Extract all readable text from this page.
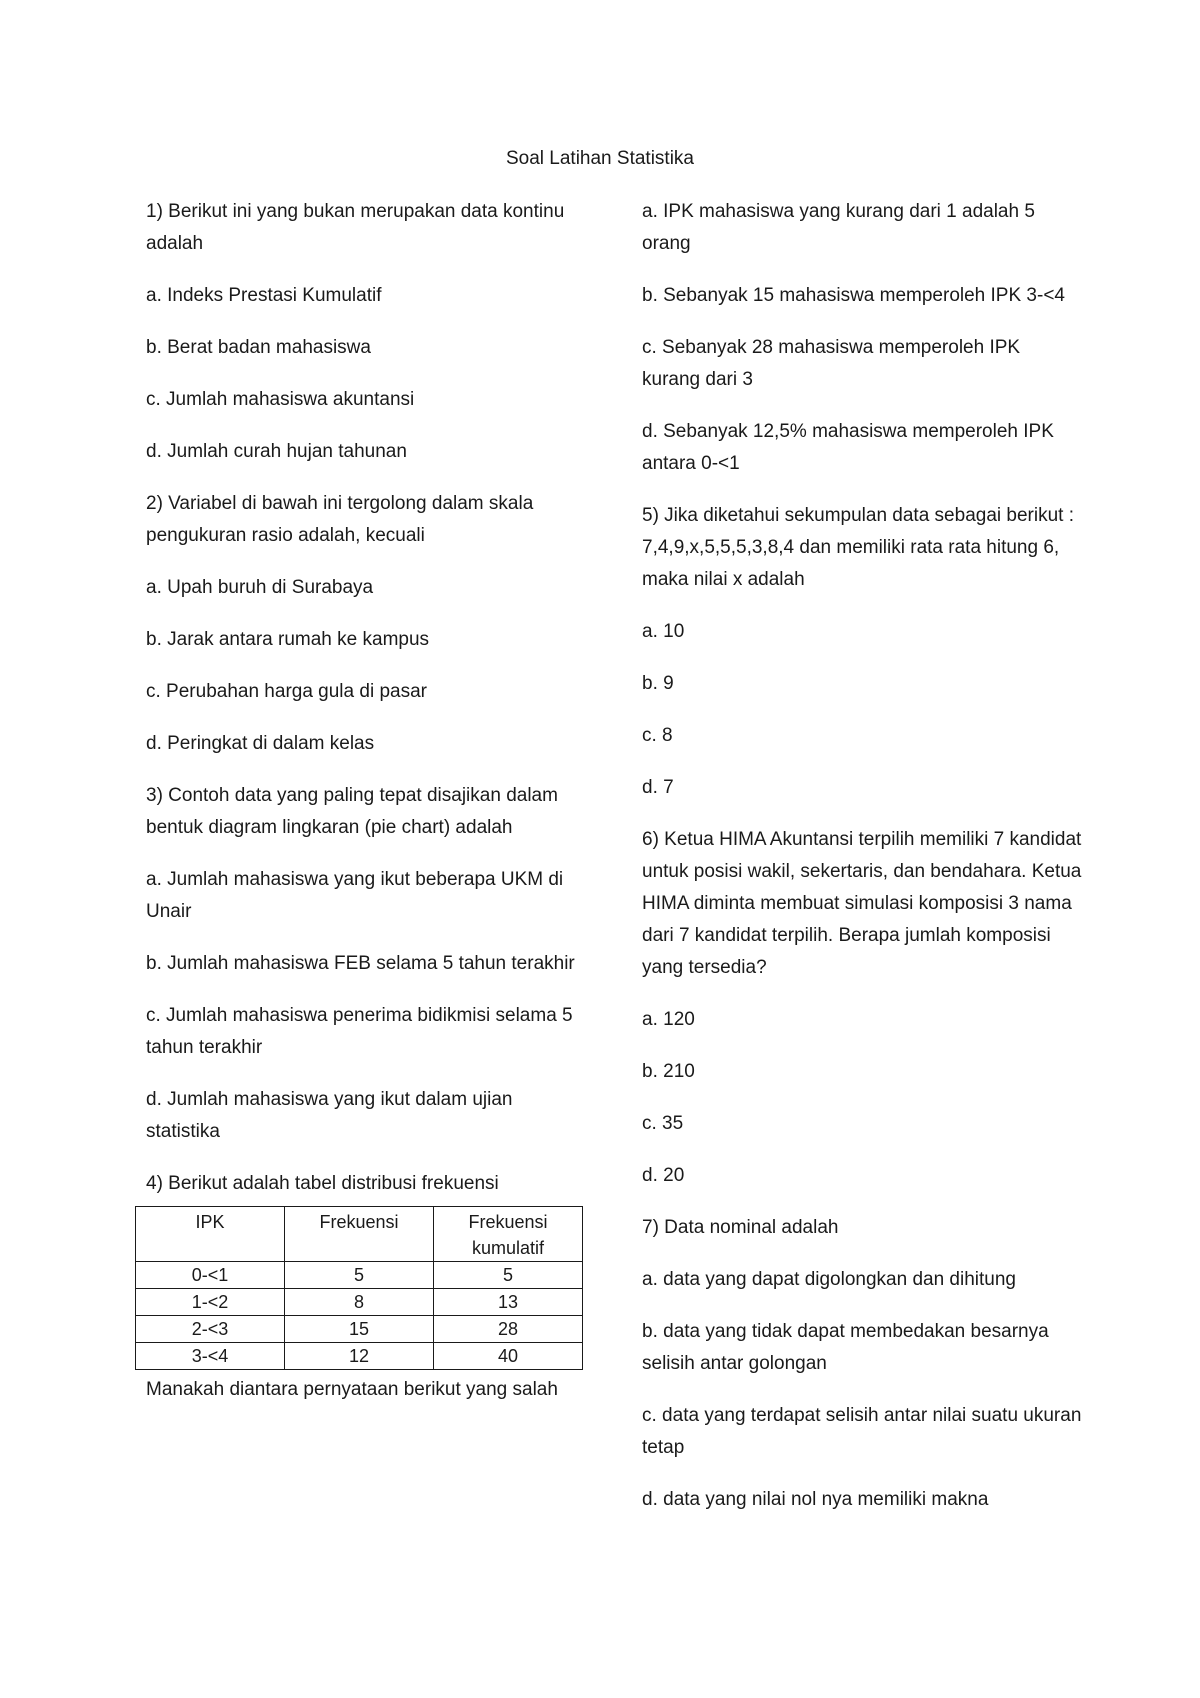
Soal Latihan Statistika

1) Berikut ini yang bukan merupakan data kontinu adalah

a. Indeks Prestasi Kumulatif

b. Berat badan mahasiswa

c. Jumlah mahasiswa akuntansi

d. Jumlah curah hujan tahunan

2) Variabel di bawah ini tergolong dalam skala pengukuran rasio adalah, kecuali

a. Upah buruh di Surabaya

b. Jarak antara rumah ke kampus

c. Perubahan harga gula di pasar

d. Peringkat di dalam kelas

3) Contoh data yang paling tepat disajikan dalam bentuk diagram lingkaran (pie chart) adalah

a. Jumlah mahasiswa yang ikut beberapa UKM di Unair

b. Jumlah mahasiswa FEB selama 5 tahun terakhir

c. Jumlah mahasiswa penerima bidikmisi selama 5 tahun terakhir

d. Jumlah mahasiswa yang ikut dalam ujian statistika

4) Berikut adalah tabel distribusi frekuensi

IPK	Frekuensi	Frekuensi kumulatif
0-<1	5	5
1-<2	8	13
2-<3	15	28
3-<4	12	40

Manakah diantara pernyataan berikut yang salah

a. IPK mahasiswa yang kurang dari 1 adalah 5 orang

b. Sebanyak 15 mahasiswa memperoleh IPK 3-<4

c. Sebanyak 28 mahasiswa memperoleh IPK kurang dari 3

d. Sebanyak 12,5% mahasiswa memperoleh IPK antara 0-<1

5) Jika diketahui sekumpulan data sebagai berikut : 7,4,9,x,5,5,5,3,8,4 dan memiliki rata rata hitung 6, maka nilai x adalah

a. 10

b. 9

c. 8

d. 7

6) Ketua HIMA Akuntansi terpilih memiliki 7 kandidat untuk posisi wakil, sekertaris, dan bendahara. Ketua HIMA diminta membuat simulasi komposisi 3 nama dari 7 kandidat terpilih. Berapa jumlah komposisi yang tersedia?

a. 120

b. 210

c. 35

d. 20

7) Data nominal adalah

a. data yang dapat digolongkan dan dihitung

b. data yang tidak dapat membedakan besarnya selisih antar golongan

c. data yang terdapat selisih antar nilai suatu ukuran tetap

d. data yang nilai nol nya memiliki makna
